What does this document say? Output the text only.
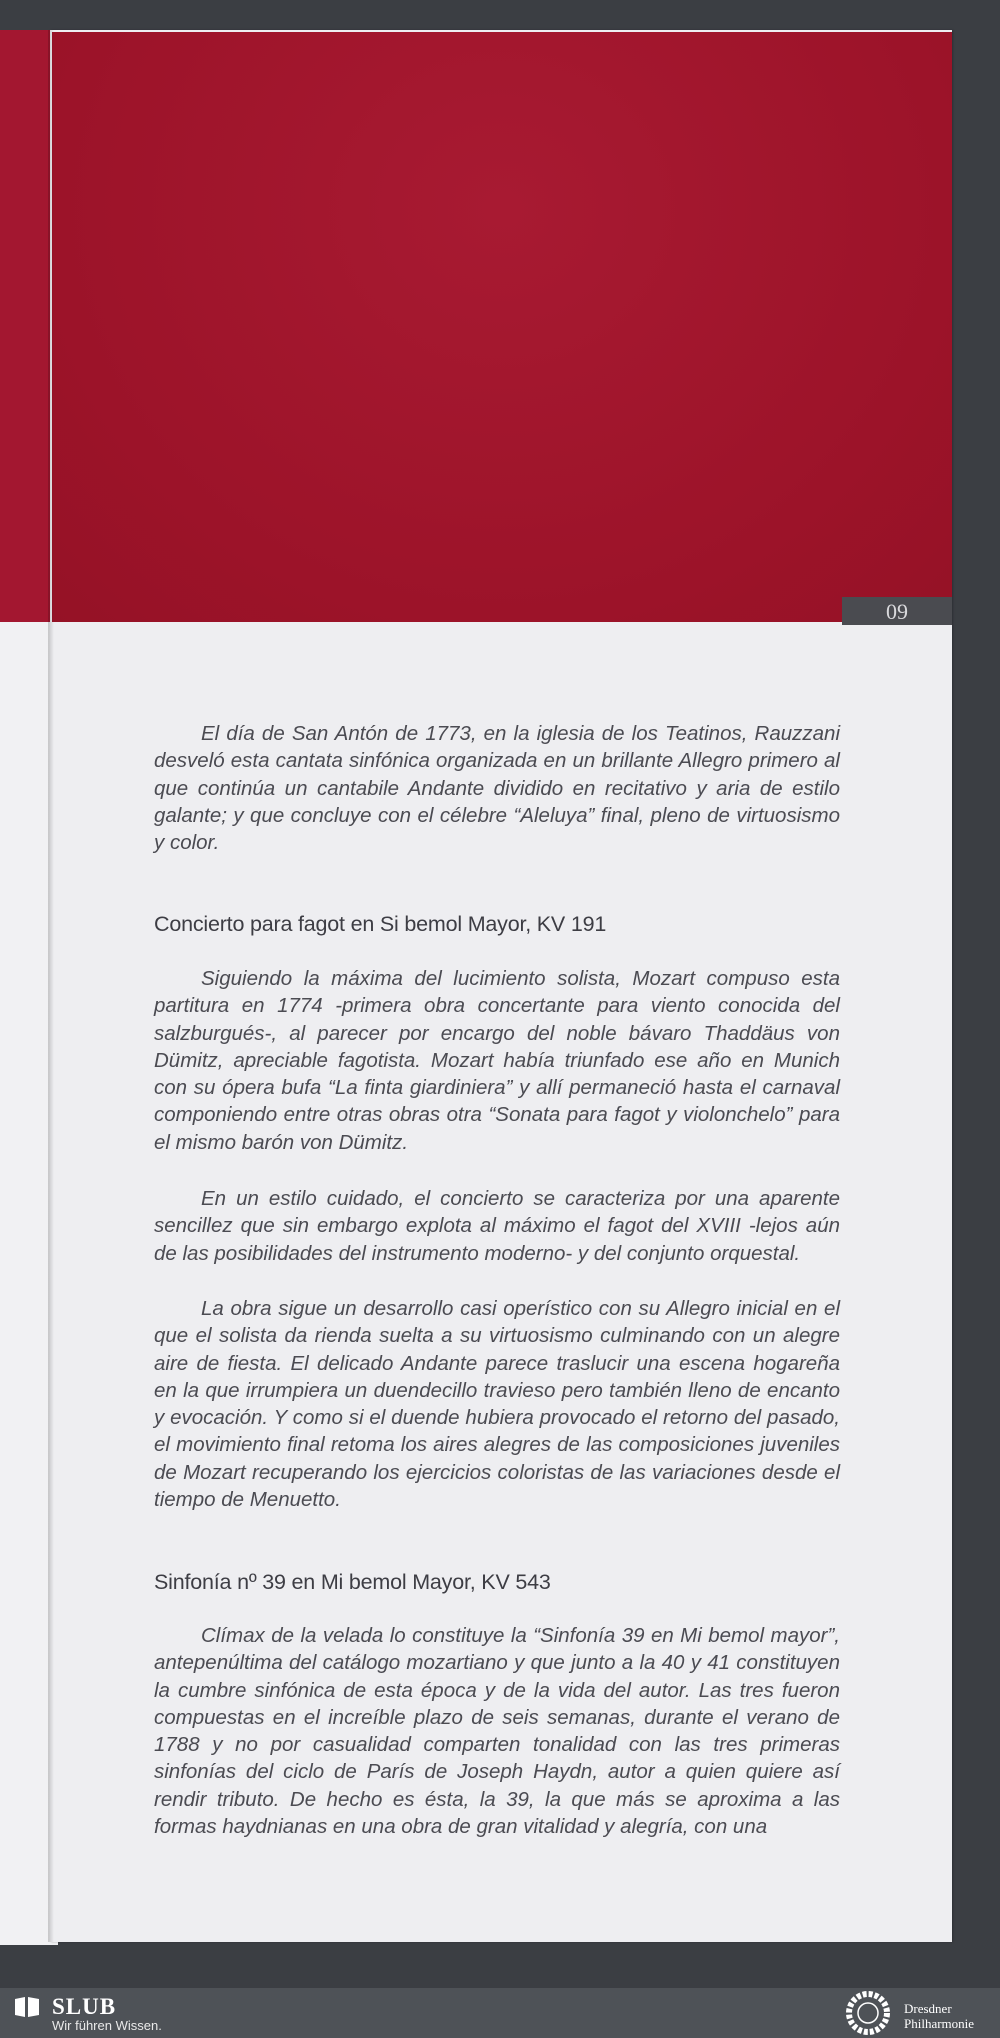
09

El día de San Antón de 1773, en la iglesia de los Teatinos, Rauzzani desveló esta cantata sinfónica organizada en un brillante Allegro primero al que continúa un cantabile Andante dividido en recitativo y aria de estilo galante; y que concluye con el célebre “Aleluya” final, pleno de virtuosismo y color.

Concierto para fagot en Si bemol Mayor, KV 191

Siguiendo la máxima del lucimiento solista, Mozart compuso esta partitura en 1774 -primera obra concertante para viento conocida del salzburgués-, al parecer por encargo del noble bávaro Thaddäus von Dümitz, apreciable fagotista. Mozart había triunfado ese año en Munich con su ópera bufa “La finta giardiniera” y allí permaneció hasta el carnaval componiendo entre otras obras otra “Sonata para fagot y violonchelo” para el mismo barón von Dümitz.

En un estilo cuidado, el concierto se caracteriza por una aparente sencillez que sin embargo explota al máximo el fagot del XVIII -lejos aún de las posibilidades del instrumento moderno- y del conjunto orquestal.

La obra sigue un desarrollo casi operístico con su Allegro inicial en el que el solista da rienda suelta a su virtuosismo culminando con un alegre aire de fiesta. El delicado Andante parece traslucir una escena hogareña en la que irrumpiera un duendecillo travieso pero también lleno de encanto y evocación. Y como si el duende hubiera provocado el retorno del pasado, el movimiento final retoma los aires alegres de las composiciones juveniles de Mozart recuperando los ejercicios coloristas de las variaciones desde el tiempo de Menuetto.

Sinfonía nº 39 en Mi bemol Mayor, KV 543

Clímax de la velada lo constituye la “Sinfonía 39 en Mi bemol mayor”, antepenúltima del catálogo mozartiano y que junto a la 40 y 41 constituyen la cumbre sinfónica de esta época y de la vida del autor. Las tres fueron compuestas en el increíble plazo de seis semanas, durante el verano de 1788 y no por casualidad comparten tonalidad con las tres primeras sinfonías del ciclo de París de Joseph Haydn, autor a quien quiere así rendir tributo. De hecho es ésta, la 39, la que más se aproxima a las formas haydnianas en una obra de gran vitalidad y alegría, con una

SLUB
Wir führen Wissen.
Dresdner
Philharmonie
